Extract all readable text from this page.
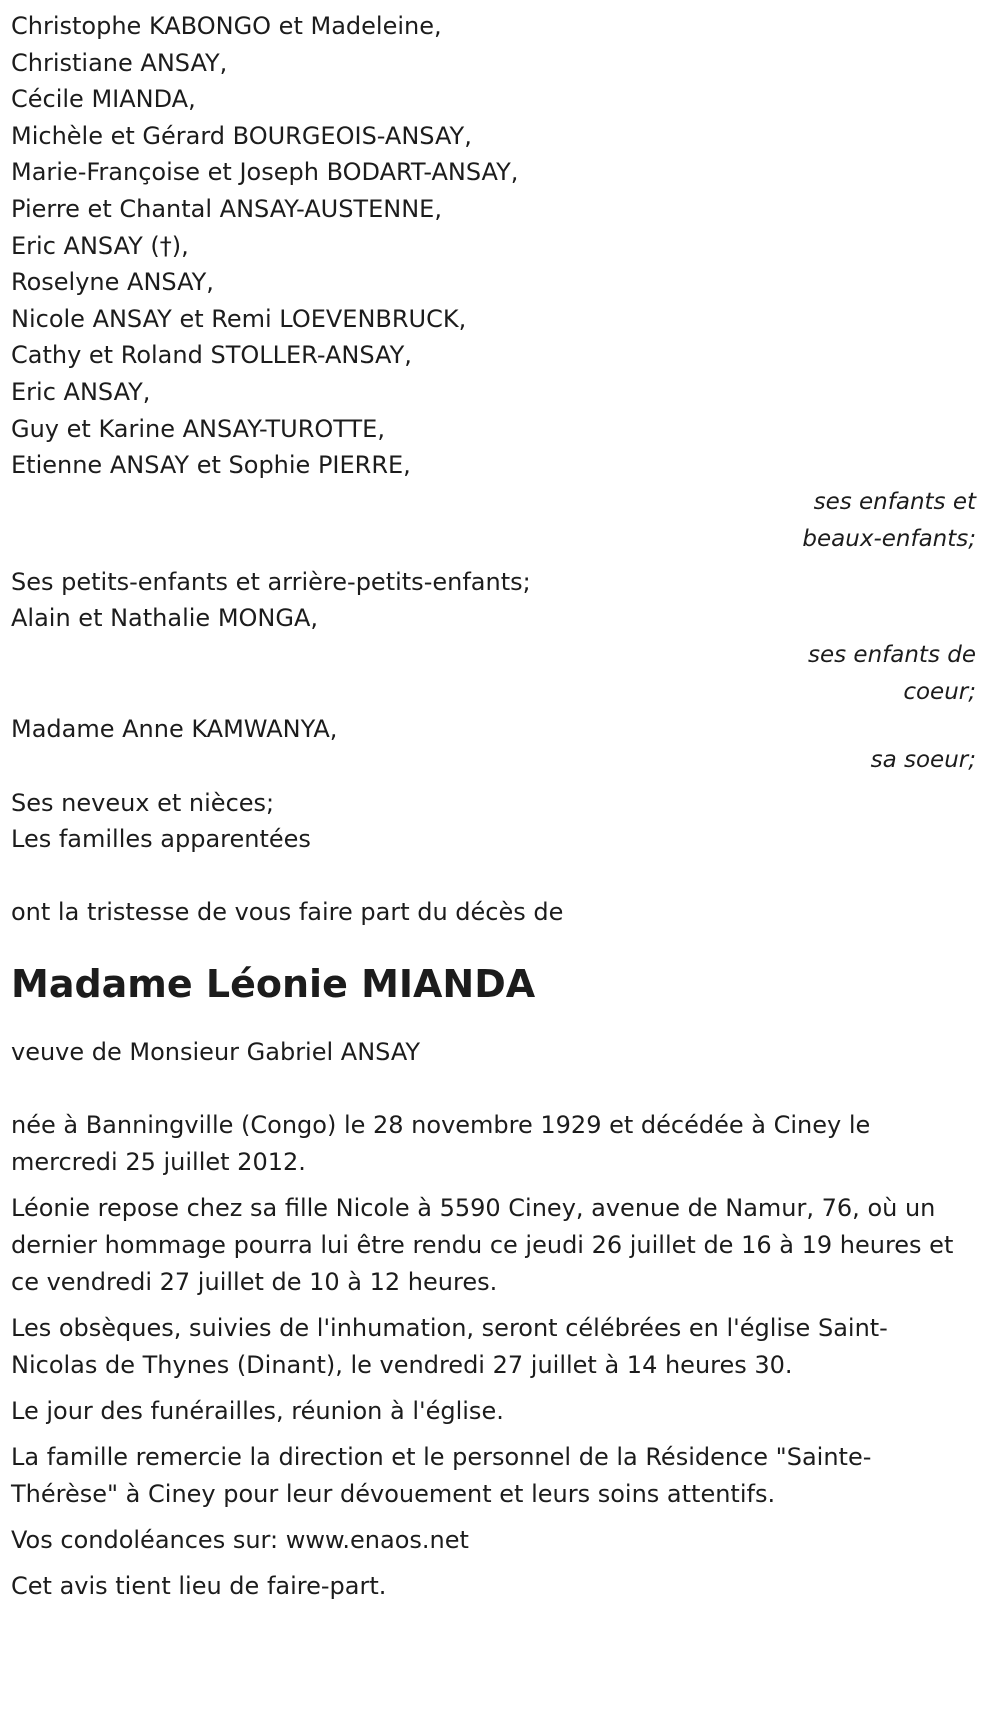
Christophe KABONGO et Madeleine,
Christiane ANSAY,
Cécile MIANDA,
Michèle et Gérard BOURGEOIS-ANSAY,
Marie-Françoise et Joseph BODART-ANSAY,
Pierre et Chantal ANSAY-AUSTENNE,
Eric ANSAY (†),
Roselyne ANSAY,
Nicole ANSAY et Remi LOEVENBRUCK,
Cathy et Roland STOLLER-ANSAY,
Eric ANSAY,
Guy et Karine ANSAY-TUROTTE,
Etienne ANSAY et Sophie PIERRE,
ses enfants et
beaux-enfants;
Ses petits-enfants et arrière-petits-enfants;
Alain et Nathalie MONGA,
ses enfants de
coeur;
Madame Anne KAMWANYA,
sa soeur;
Ses neveux et nièces;
Les familles apparentées
ont la tristesse de vous faire part du décès de
Madame Léonie MIANDA
veuve de Monsieur Gabriel ANSAY

née à Banningville (Congo) le 28 novembre 1929 et décédée à Ciney le mercredi 25 juillet 2012.

Léonie repose chez sa fille Nicole à 5590 Ciney, avenue de Namur, 76, où un dernier hommage pourra lui être rendu ce jeudi 26 juillet de 16 à 19 heures et ce vendredi 27 juillet de 10 à 12 heures.

Les obsèques, suivies de l'inhumation, seront célébrées en l'église Saint-Nicolas de Thynes (Dinant), le vendredi 27 juillet à 14 heures 30.

Le jour des funérailles, réunion à l'église.

La famille remercie la direction et le personnel de la Résidence "Sainte-Thérèse" à Ciney pour leur dévouement et leurs soins attentifs.

Vos condoléances sur: www.enaos.net

Cet avis tient lieu de faire-part.
